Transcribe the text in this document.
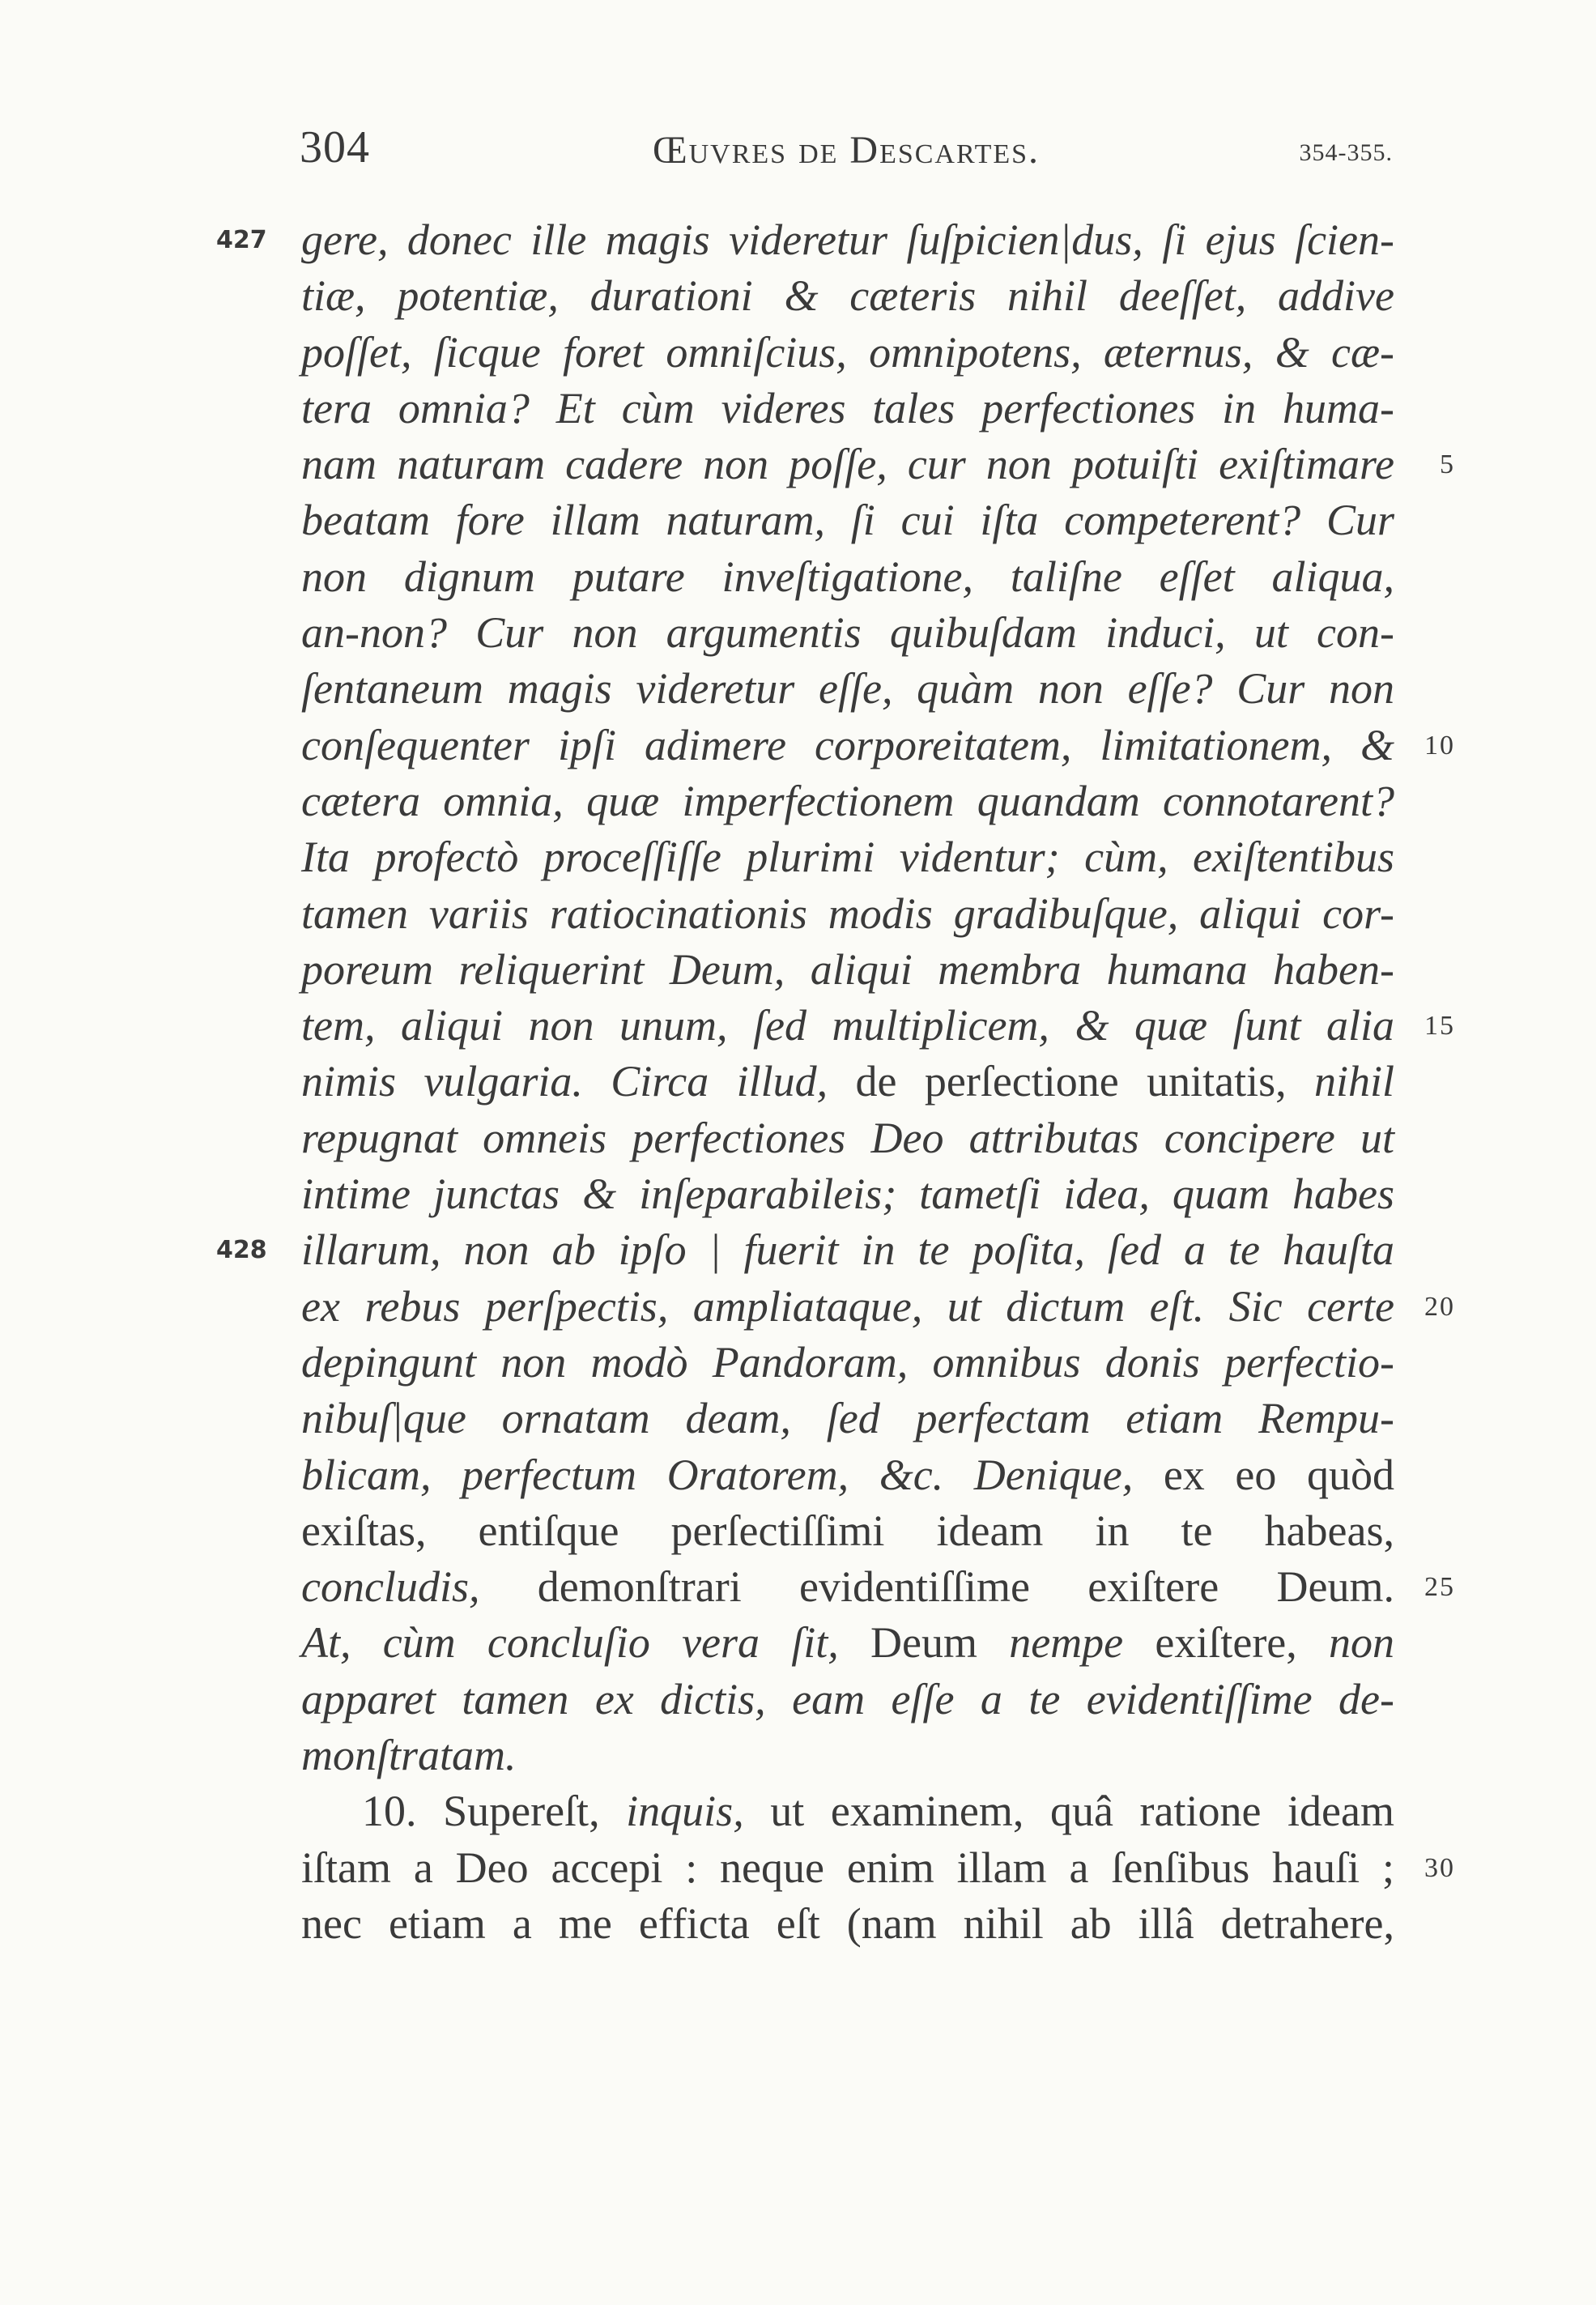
304	Œuvres de Descartes.	354-355.
427 gere, donec ille magis videretur ſuſpicien|dus, ſi ejus ſcien-
tiæ, potentiæ, durationi & cæteris nihil deeſſet, addive
poſſet, ſicque foret omniſcius, omnipotens, æternus, & cæ-
tera omnia? Et cùm videres tales perfectiones in huma-
nam naturam cadere non poſſe, cur non potuiſti exiſtimare 5
beatam fore illam naturam, ſi cui iſta competerent? Cur
non dignum putare inveſtigatione, taliſne eſſet aliqua,
an-non? Cur non argumentis quibuſdam induci, ut con-
ſentaneum magis videretur eſſe, quàm non eſſe? Cur non
conſequenter ipſi adimere corporeitatem, limitationem, & 10
cætera omnia, quæ imperfectionem quandam connotarent?
Ita profectò proceſſiſſe plurimi videntur; cùm, exiſtentibus
tamen variis ratiocinationis modis gradibuſque, aliqui cor-
poreum reliquerint Deum, aliqui membra humana haben-
tem, aliqui non unum, ſed multiplicem, & quæ ſunt alia 15
nimis vulgaria. Circa illud, de perſectione unitatis, nihil
repugnat omneis perfectiones Deo attributas concipere ut
intime junctas & inſeparabileis; tametſi idea, quam habes
428 illarum, non ab ipſo | fuerit in te poſita, ſed a te hauſta
ex rebus perſpectis, ampliataque, ut dictum eſt. Sic certe 20
depingunt non modò Pandoram, omnibus donis perfectio-
nibuſ|que ornatam deam, ſed perfectam etiam Rempu-
blicam, perfectum Oratorem, &c. Denique, ex eo quòd
exiſtas, entiſque perſectiſſimi ideam in te habeas,
concludis, demonſtrari evidentiſſime exiſtere Deum. 25
At, cùm concluſio vera ſit, Deum nempe exiſtere, non
apparet tamen ex dictis, eam eſſe a te evidentiſſime de-
monſtratam.
10. Supereſt, inquis, ut examinem, quâ ratione ideam
iſtam a Deo accepi : neque enim illam a ſenſibus hauſi ; 30
nec etiam a me efficta eſt (nam nihil ab illâ detrahere,
